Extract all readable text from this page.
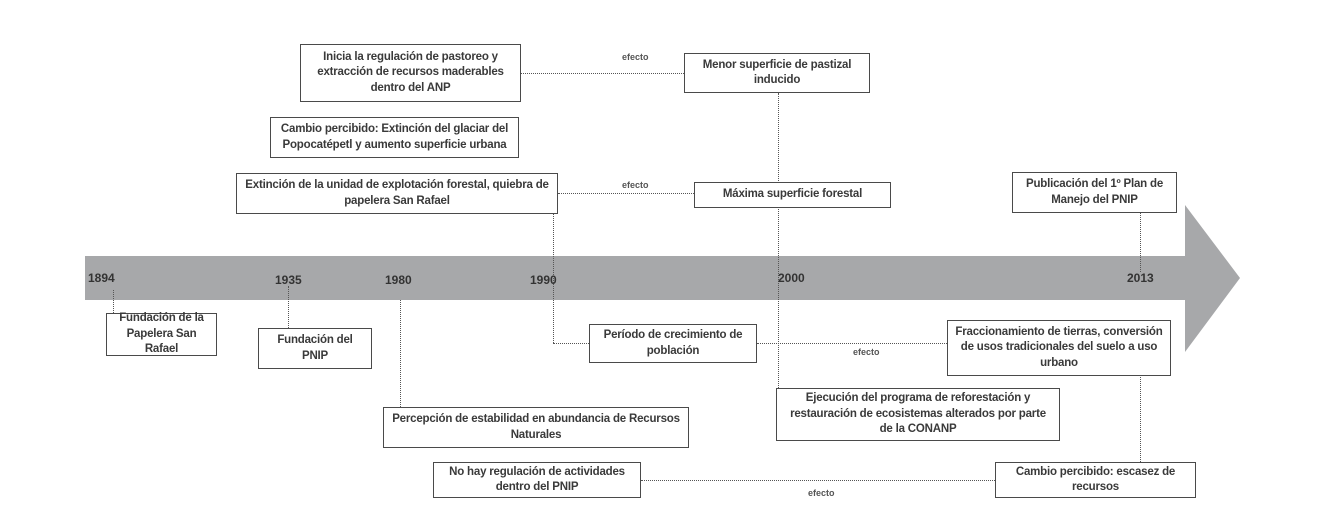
1894	1935	1980	1990	2000	2013
efecto
efecto
efecto
efecto
Inicia la regulación de pastoreo y extracción de recursos maderables dentro del ANP
Menor superficie de pastizal inducido
Cambio percibido: Extinción del glaciar del Popocatépetl y aumento superficie urbana
Extinción de la unidad de explotación forestal, quiebra de papelera San Rafael
Máxima superficie forestal
Publicación del 1º Plan de Manejo del PNIP
Fundación de la Papelera San Rafael
Fundación del PNIP
Período de crecimiento de población
Fraccionamiento de tierras, conversión de usos tradicionales del suelo a uso urbano
Percepción de estabilidad en abundancia de Recursos Naturales
Ejecución del programa de reforestación y restauración de ecosistemas alterados por parte de la CONANP
No hay regulación de actividades dentro del PNIP
Cambio percibido: escasez de recursos
